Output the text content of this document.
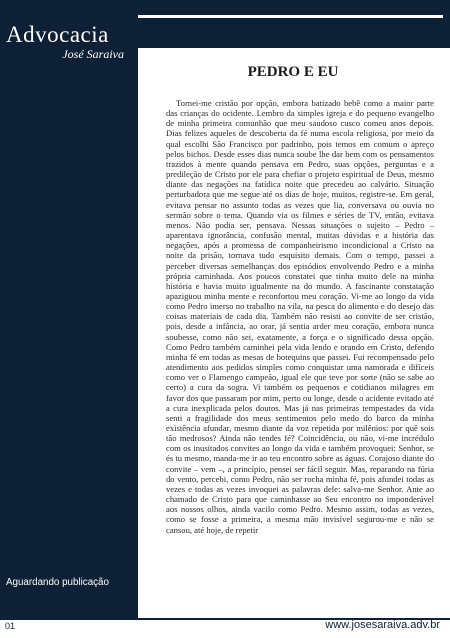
Advocacia
José Saraiva
Aguardando publicação
PEDRO E EU

Tornei-me cristão por opção, embora batizado bebê como a maior parte das crianças do ocidente. Lembro da simples igreja e do pequeno evangelho de minha primeira comunhão que meu saudoso cusco comeu anos depois. Dias felizes aqueles de descoberta da fé numa escola religiosa, por meio da qual escolhi São Francisco por padrinho, pois temos em comum o apreço pelos bichos. Desde esses dias nunca soube lhe dar bem com os pensamentos trazidos à mente quando pensava em Pedro, suas opções, perguntas e a predileção de Cristo por ele para chefiar o projeto espiritual de Deus, mesmo diante das negações na fatídica noite que precedeu ao calvário. Situação perturbadora que me segue até os dias de hoje, muitos, registre-se. Em geral, evitava pensar no assunto todas as vezes que lia, conversava ou ouvia no sermão sobre o tema. Quando via os filmes e séries de TV, então, evitava menos. Não podia ser, pensava. Nessas situações o sujeito – Pedro – aparentava ignorância, confusão mental, muitas dúvidas e a história das negações, após a promessa de companheirismo incondicional a Cristo na noite da prisão, tornava tudo esquisito demais. Com o tempo, passei a perceber diversas semelhanças dos episódios envolvendo Pedro e a minha própria caminhada. Aos poucos constatei que tinha muito dele na minha história e havia muito igualmente na do mundo. A fascinante constatação apaziguou minha mente e reconfortou meu coração. Vi-me ao longo da vida como Pedro imerso no trabalho na vila, na pesca do alimento e do desejo das coisas materiais de cada dia. Também não resisti ao convite de ser cristão, pois, desde a infância, ao orar, já sentia arder meu coração, embora nunca soubesse, como não sei, exatamente, a força e o significado dessa opção. Como Pedro também caminhei pela vida lendo e orando em Cristo, defendo minha fé em todas as mesas de botequins que passei. Fui recompensado pelo atendimento aos pedidos simples como conquistar uma namorada e difíceis como ver o Flamengo campeão, igual ele que teve por sorte (não se sabe ao certo) a cura da sogra. Vi também os pequenos e cotidianos milagres em favor dos que passaram por mim, perto ou longe, desde o acidente evitado até a cura inexplicada pelos doutos. Mas já nas primeiras tempestades da vida senti a fragilidade dos meus sentimentos pelo medo do barco da minha existência afundar, mesmo diante da voz repetida por milênios: por quê sois tão medrosos? Ainda não tendes fé? Coincidência, ou não, vi-me incrédulo com os inusitados convites ao longo da vida e também provoquei: Senhor, se és tu mesmo, manda-me ir ao teu encontro sobre as águas. Corajoso diante do convite – vem –, a princípio, pensei ser fácil seguir. Mas, reparando na fúria do vento, percebi, como Pedro, não ser rocha minha fé, pois afundei todas as vezes e todas as vezes invoquei as palavras dele: salva-me Senhor. Ante ao chamado de Cristo para que caminhasse ao Seu encontro no imponderável aos nossos olhos, ainda vacilo como Pedro. Mesmo assim, todas as vezes, como se fosse a primeira, a mesma mão invisível segurou-me e não se cansou, até hoje, de repetir

01	www.josesaraiva.adv.br
